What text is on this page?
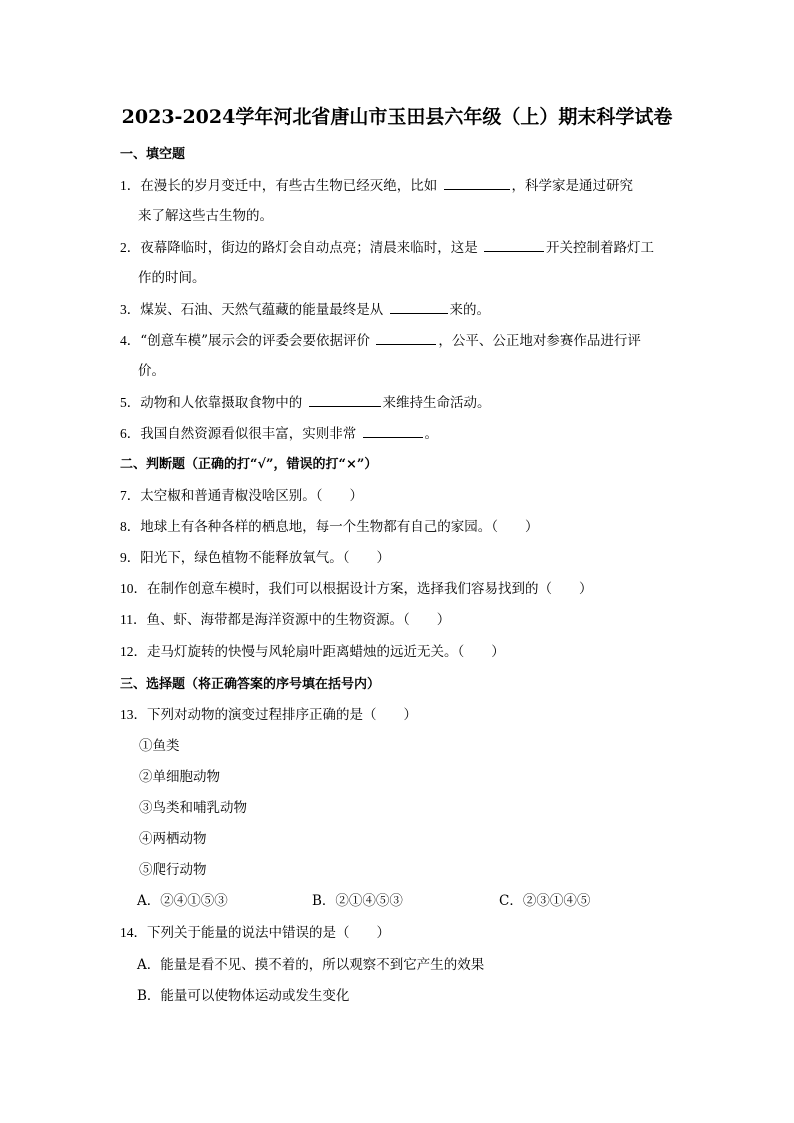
2023-2024学年河北省唐山市玉田县六年级（上）期末科学试卷
一、填空题
1．在漫长的岁月变迁中，有些古生物已经灭绝，比如	，科学家是通过研究
来了解这些古生物的。
2．夜幕降临时，街边的路灯会自动点亮；清晨来临时，这是	开关控制着路灯工
作的时间。
3．煤炭、石油、天然气蕴藏的能量最终是从	来的。
4．“创意车模”展示会的评委会要依据评价	，公平、公正地对参赛作品进行评
价。
5．动物和人依靠摄取食物中的	来维持生命活动。
6．我国自然资源看似很丰富，实则非常	。
二、判断题（正确的打“√”，错误的打“×”）
7．太空椒和普通青椒没啥区别。（　　）
8．地球上有各种各样的栖息地，每一个生物都有自己的家园。（　　）
9．阳光下，绿色植物不能释放氧气。（　　）
10．在制作创意车模时，我们可以根据设计方案，选择我们容易找到的（　　）
11．鱼、虾、海带都是海洋资源中的生物资源。（　　）
12．走马灯旋转的快慢与风轮扇叶距离蜡烛的远近无关。（　　）
三、选择题（将正确答案的序号填在括号内）
13．下列对动物的演变过程排序正确的是（　　）
①鱼类
②单细胞动物
③鸟类和哺乳动物
④两栖动物
⑤爬行动物
A．②④①⑤③	B．②①④⑤③	C．②③①④⑤
14．下列关于能量的说法中错误的是（　　）
A．能量是看不见、摸不着的，所以观察不到它产生的效果
B．能量可以使物体运动或发生变化
